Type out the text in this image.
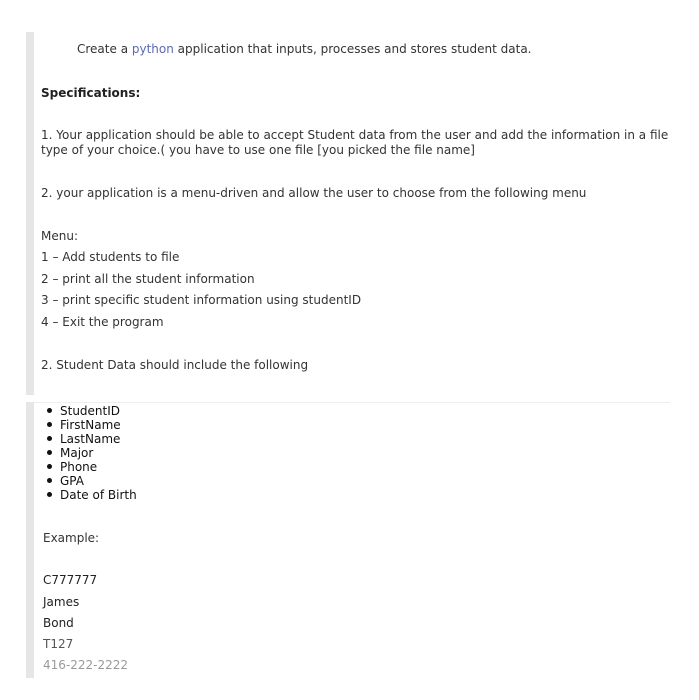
Create a python application that inputs, processes and stores student data.
Specifications:
1. Your application should be able to accept Student data from the user and add the information in a file type of your choice.( you have to use one file [you picked the file name]
2. your application is a menu-driven and allow the user to choose from the following menu
Menu:
1 – Add students to file
2 – print all the student information
3 – print specific student information using studentID
4 – Exit the program
2. Student Data should include the following
StudentID
FirstName
LastName
Major
Phone
GPA
Date of Birth
Example:
C777777
James
Bond
T127
416-222-2222
